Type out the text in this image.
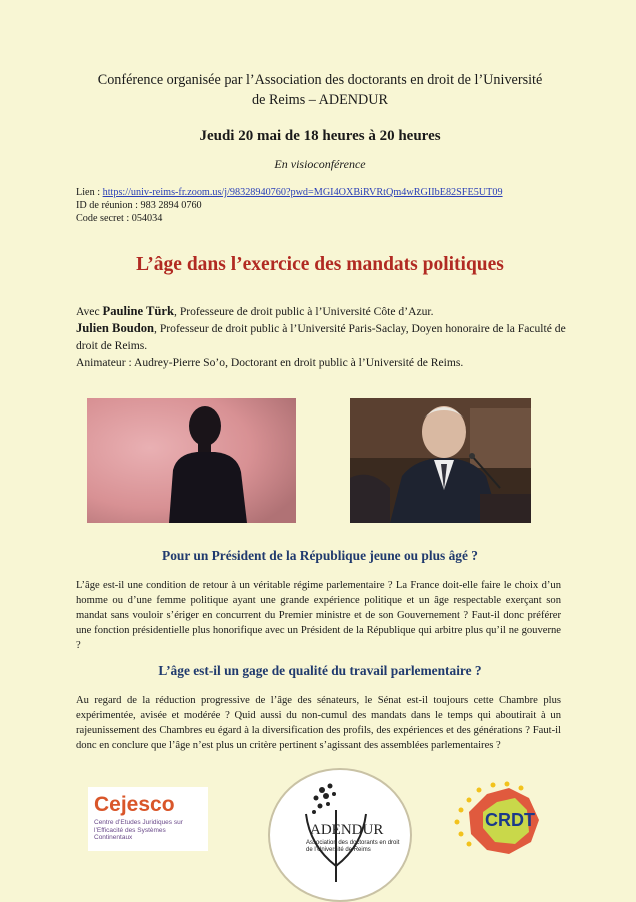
Conférence organisée par l’Association des doctorants en droit de l’Université
de Reims – ADENDUR
Jeudi 20 mai de 18 heures à 20 heures
En visioconférence
Lien : https://univ-reims-fr.zoom.us/j/98328940760?pwd=MGI4OXBiRVRtQm4wRGIIbE82SFE5UT09
ID de réunion : 983 2894 0760
Code secret : 054034
L’âge dans l’exercice des mandats politiques
Avec Pauline Türk, Professeure de droit public à l’Université Côte d’Azur.
Julien Boudon, Professeur de droit public à l’Université Paris-Saclay, Doyen honoraire de la Faculté de droit de Reims.
Animateur : Audrey-Pierre So’o, Doctorant en droit public à l’Université de Reims.
Pour un Président de la République jeune ou plus âgé ?
L’âge est-il une condition de retour à un véritable régime parlementaire ? La France doit-elle faire le choix d’un homme ou d’une femme politique ayant une grande expérience politique et un âge respectable exerçant son mandat sans vouloir s’ériger en concurrent du Premier ministre et de son Gouvernement ? Faut-il donc préférer une fonction présidentielle plus honorifique avec un Président de la République qui arbitre plus qu’il ne gouverne ?
L’âge est-il un gage de qualité du travail parlementaire ?
Au regard de la réduction progressive de l’âge des sénateurs, le Sénat est-il toujours cette Chambre plus expérimentée, avisée et modérée ? Quid aussi du non-cumul des mandats dans le temps qui aboutirait à un rajeunissement des Chambres eu égard à la diversification des profils, des expériences et des générations ? Faut-il donc en conclure que l’âge n’est plus un critère pertinent s’agissant des assemblées parlementaires ?
Cejesco
Centre d’Etudes Juridiques sur l’Efficacité des Systèmes Continentaux	ADENDUR
Association des doctorants en droit de l’Université de Reims
CRDT
